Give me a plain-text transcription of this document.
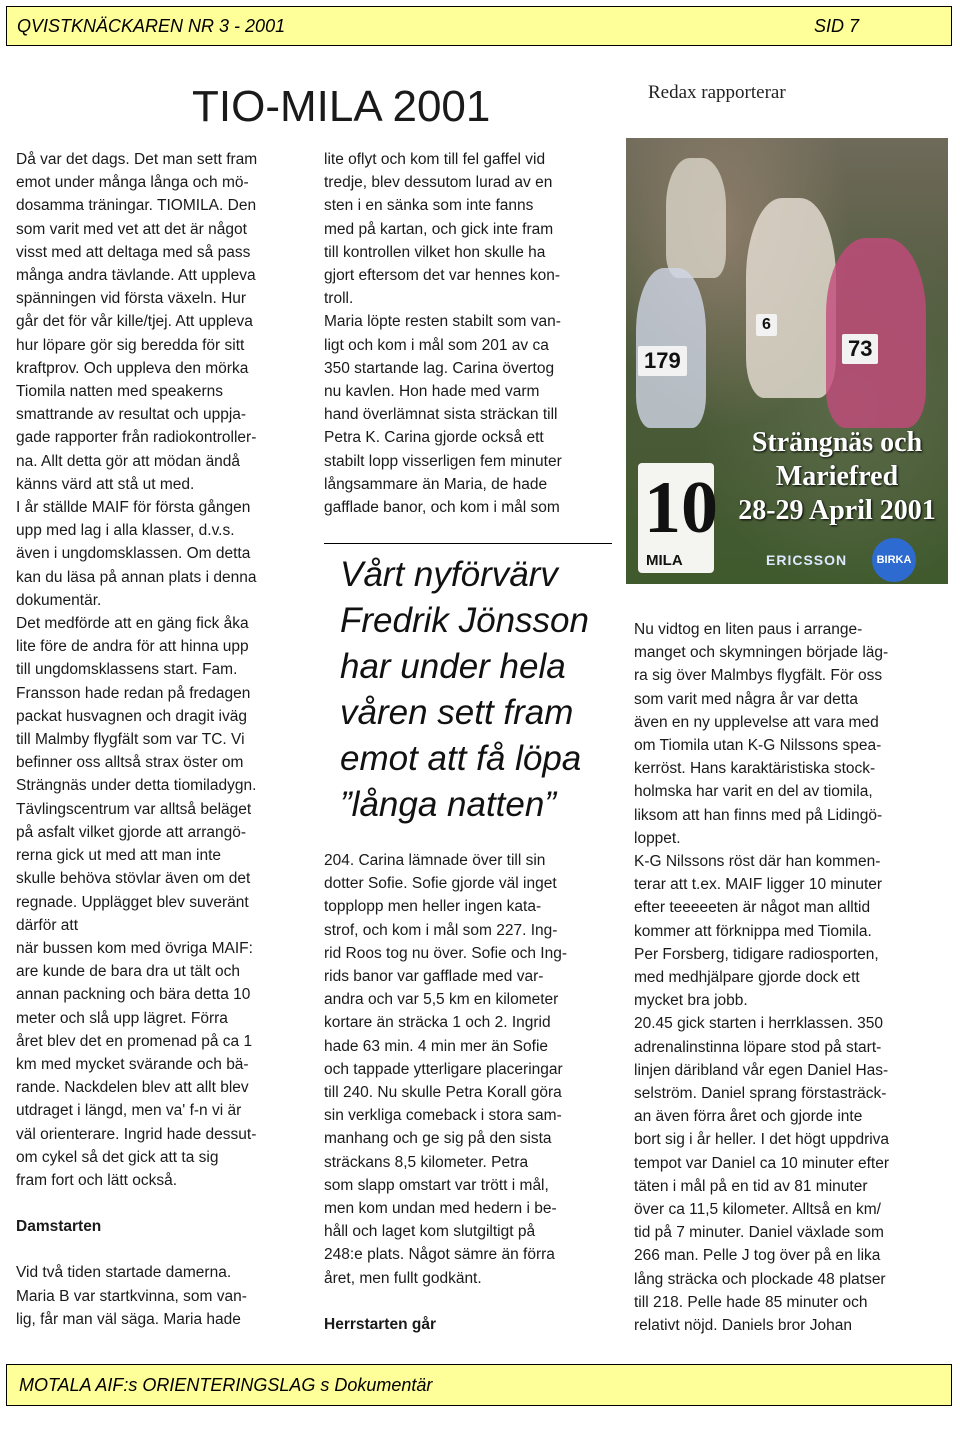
QVISTKNÄCKAREN NR 3 - 2001	SID 7
TIO-MILA 2001	Redax rapporterar

Då var det dags. Det man sett fram

emot under många långa och mö-

dosamma träningar. TIOMILA. Den

som varit med vet att det är något

visst med att deltaga med så pass

många andra tävlande. Att uppleva

spänningen vid första växeln. Hur

går det för vår kille/tjej. Att uppleva

hur löpare gör sig beredda för sitt

kraftprov. Och uppleva den mörka

Tiomila natten med speakerns

smattrande av resultat och uppja-

gade rapporter från radiokontroller-

na. Allt detta gör att mödan ändå

känns värd att stå ut med.

I år ställde MAIF för första gången

upp med lag i alla klasser, d.v.s.

även i ungdomsklassen. Om detta

kan du läsa på annan plats i denna

dokumentär.

Det medförde att en gäng fick åka

lite före de andra för att hinna upp

till ungdomsklassens start. Fam.

Fransson hade redan på fredagen

packat husvagnen och dragit iväg

till Malmby flygfält som var TC. Vi

befinner oss alltså strax öster om

Strängnäs under detta tiomiladygn.

Tävlingscentrum var alltså beläget

på asfalt vilket gjorde att arrangö-

rerna gick ut med att man inte

skulle behöva stövlar även om det

regnade. Upplägget blev suveränt

därför att

när bussen kom med övriga MAIF:

are kunde de bara dra ut tält och

annan packning och bära detta 10

meter och slå upp lägret. Förra

året blev det en promenad på ca 1

km med mycket svärande och bä-

rande. Nackdelen blev att allt blev

utdraget i längd, men va' f-n vi är

väl orienterare. Ingrid hade dessut-

om cykel så det gick att ta sig

fram fort och lätt också.

Damstarten

Vid två tiden startade damerna.

Maria B var startkvinna, som van-

lig, får man väl säga. Maria hade

lite oflyt och kom till fel gaffel vid

tredje, blev dessutom lurad av en

sten i en sänka som inte fanns

med på kartan, och gick inte fram

till kontrollen vilket hon skulle ha

gjort eftersom det var hennes kon-

troll.

Maria löpte resten stabilt som van-

ligt och kom i mål som 201 av ca

350 startande lag. Carina övertog

nu kavlen. Hon hade med varm

hand överlämnat sista sträckan till

Petra K. Carina gjorde också ett

stabilt lopp visserligen fem minuter

långsammare än Maria, de hade

gafflade banor, och kom i mål som

Vårt nyförvärv

Fredrik Jönsson

har under hela

våren sett fram

emot att få löpa

”långa natten”

204. Carina lämnade över till sin

dotter Sofie. Sofie gjorde väl inget

topplopp men heller ingen kata-

strof, och kom i mål som 227. Ing-

rid Roos tog nu över. Sofie och Ing-

rids banor var gafflade med var-

andra och var 5,5 km en kilometer

kortare än sträcka 1 och 2. Ingrid

hade 63 min. 4 min mer än Sofie

och tappade ytterligare placeringar

till 240. Nu skulle Petra Korall göra

sin verkliga comeback i stora sam-

manhang och ge sig på den sista

sträckans 8,5 kilometer. Petra

som slapp omstart var trött i mål,

men kom undan med hedern i be-

håll och laget kom slutgiltigt på

248:e plats. Något sämre än förra

året, men fullt godkänt.

Herrstarten går

179	73
6
10
MILA
Strängnäs och
Mariefred
28-29 April 2001
ERICSSON	BIRKA

Nu vidtog en liten paus i arrange-

manget och skymningen började läg-

ra sig över Malmbys flygfält. För oss

som varit med några år var detta

även en ny upplevelse att vara med

om Tiomila utan K-G Nilssons spea-

kerröst. Hans karaktäristiska stock-

holmska har varit en del av tiomila,

liksom att han finns med på Lidingö-

loppet.

K-G Nilssons röst där han kommen-

terar att t.ex. MAIF ligger 10 minuter

efter teeeeeten är något man alltid

kommer att förknippa med Tiomila.

Per Forsberg, tidigare radiosporten,

med medhjälpare gjorde dock ett

mycket bra jobb.

20.45 gick starten i herrklassen. 350

adrenalinstinna löpare stod på start-

linjen däribland vår egen Daniel Has-

selström. Daniel sprang förstasträck-

an även förra året och gjorde inte

bort sig i år heller. I det högt uppdriva

tempot var Daniel ca 10 minuter efter

täten i mål på en tid av 81 minuter

över ca 11,5 kilometer. Alltså en km/

tid på 7 minuter. Daniel växlade som

266 man. Pelle J tog över på en lika

lång sträcka och plockade 48 platser

till 218. Pelle hade 85 minuter och

relativt nöjd. Daniels bror Johan

MOTALA AIF:s ORIENTERINGSLAG s Dokumentär
